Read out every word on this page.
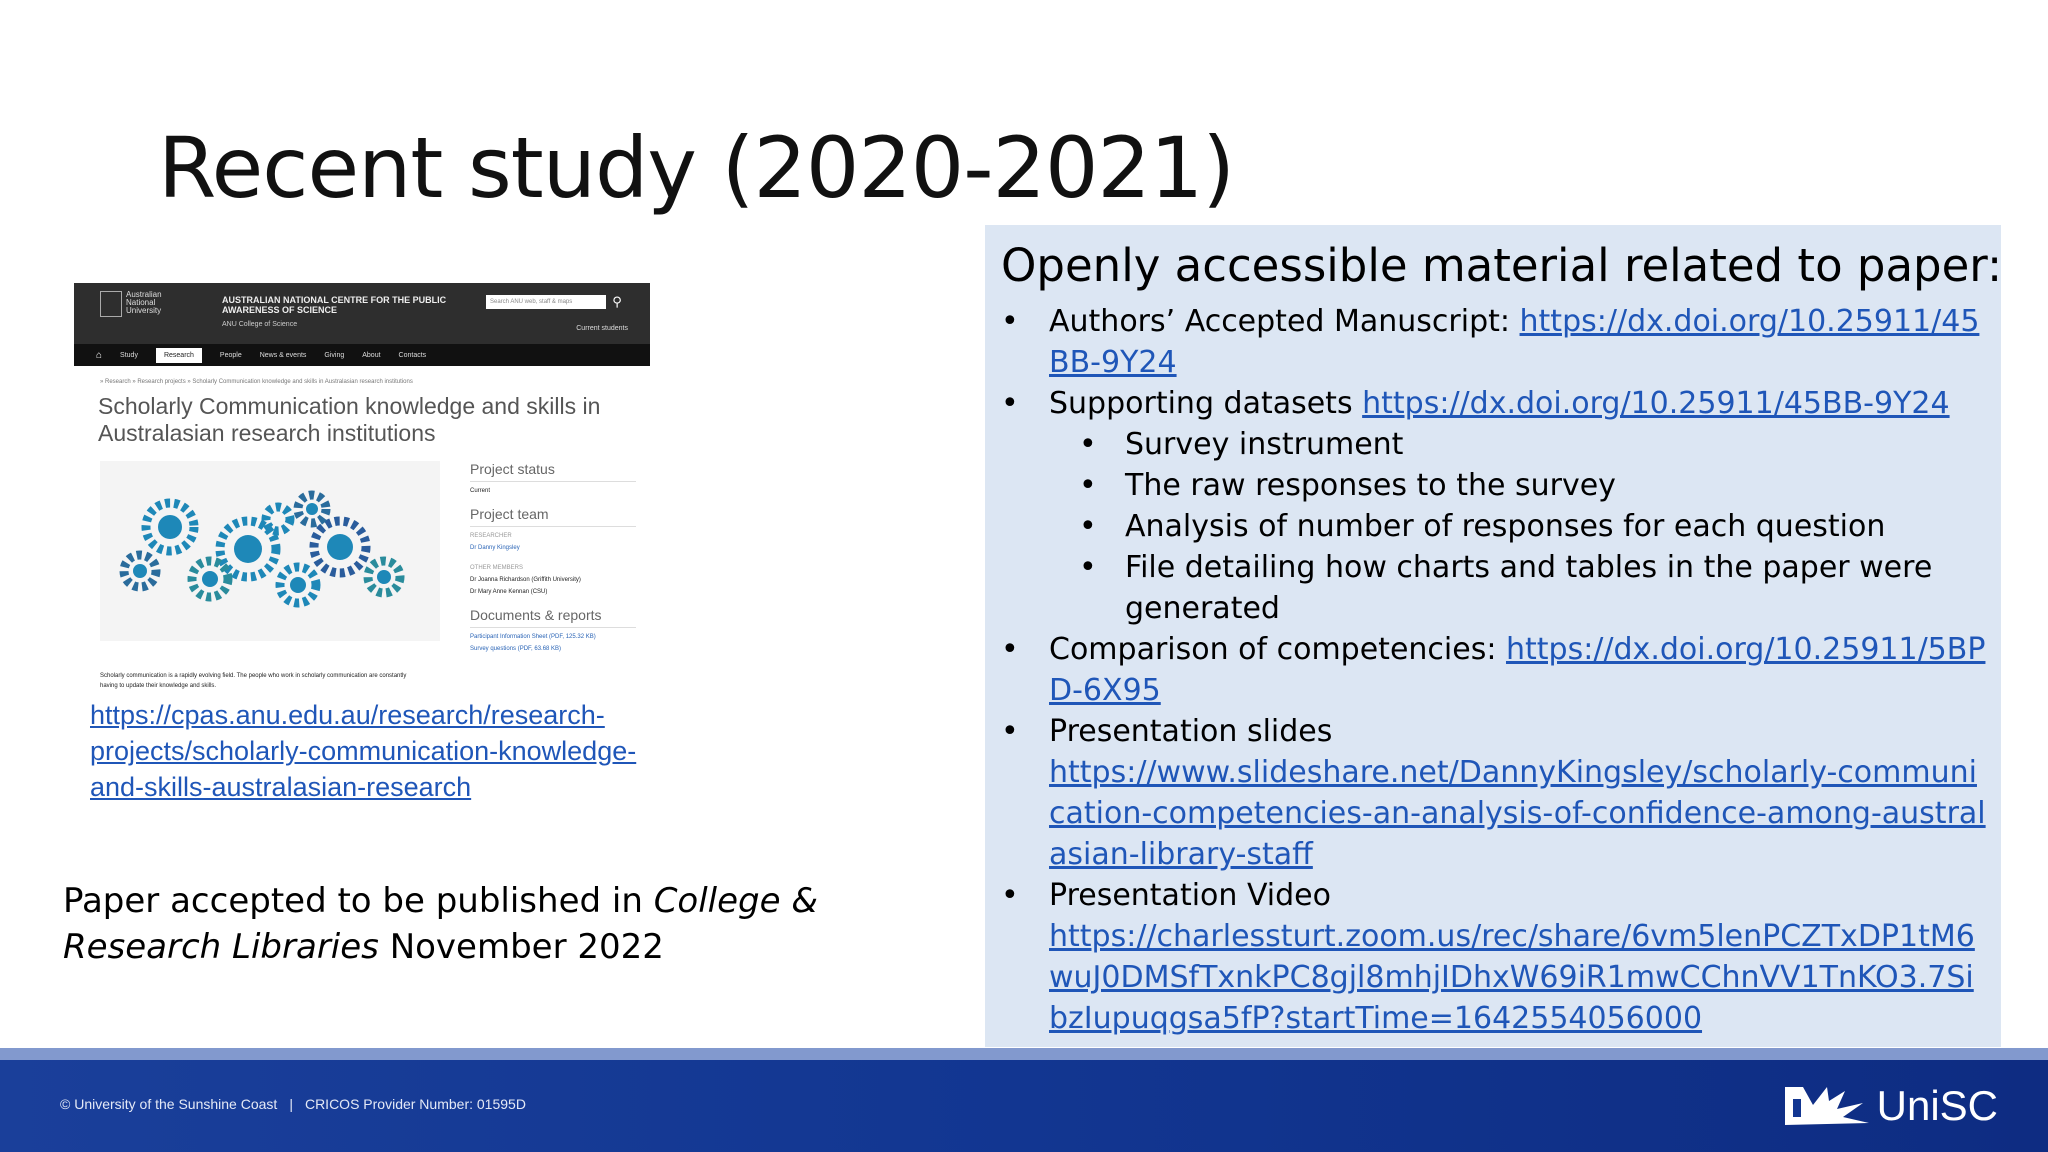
Recent study (2020-2021)
Australian National University
AUSTRALIAN NATIONAL CENTRE FOR THE PUBLIC AWARENESS OF SCIENCE
ANU College of Science
Search ANU web, staff & maps	⚲
Current students
⌂	Study	Research	People	News & events	Giving	About	Contacts
» Research » Research projects » Scholarly Communication knowledge and skills in Australasian research institutions
Scholarly Communication knowledge and skills in Australasian research institutions

Project status

Current

Project team

RESEARCHER

Dr Danny Kingsley

OTHER MEMBERS

Dr Joanna Richardson (Griffith University)

Dr Mary Anne Kennan (CSU)

Documents & reports

Participant Information Sheet (PDF, 125.32 KB)

Survey questions (PDF, 63.68 KB)

Scholarly communication is a rapidly evolving field. The people who work in scholarly communication are constantly having to update their knowledge and skills.

https://cpas.anu.edu.au/research/research-projects/scholarly-communication-knowledge-and-skills-australasian-research

Paper accepted to be published in College & Research Libraries November 2022

Openly accessible material related to paper:
• Authors’ Accepted Manuscript: https://dx.doi.org/10.25911/45BB-9Y24
• Supporting datasets https://dx.doi.org/10.25911/45BB-9Y24
• Survey instrument
• The raw responses to the survey
• Analysis of number of responses for each question
• File detailing how charts and tables in the paper were generated
• Comparison of competencies: https://dx.doi.org/10.25911/5BPD-6X95
• Presentation slides
https://www.slideshare.net/DannyKingsley/scholarly-communication-competencies-an-analysis-of-confidence-among-australasian-library-staff
• Presentation Video
https://charlessturt.zoom.us/rec/share/6vm5lenPCZTxDP1tM6wuJ0DMSfTxnkPC8gjl8mhjIDhxW69iR1mwCChnVV1TnKO3.7SibzIupuqgsa5fP?startTime=1642554056000
© University of the Sunshine Coast | CRICOS Provider Number: 01595D	UniSC
